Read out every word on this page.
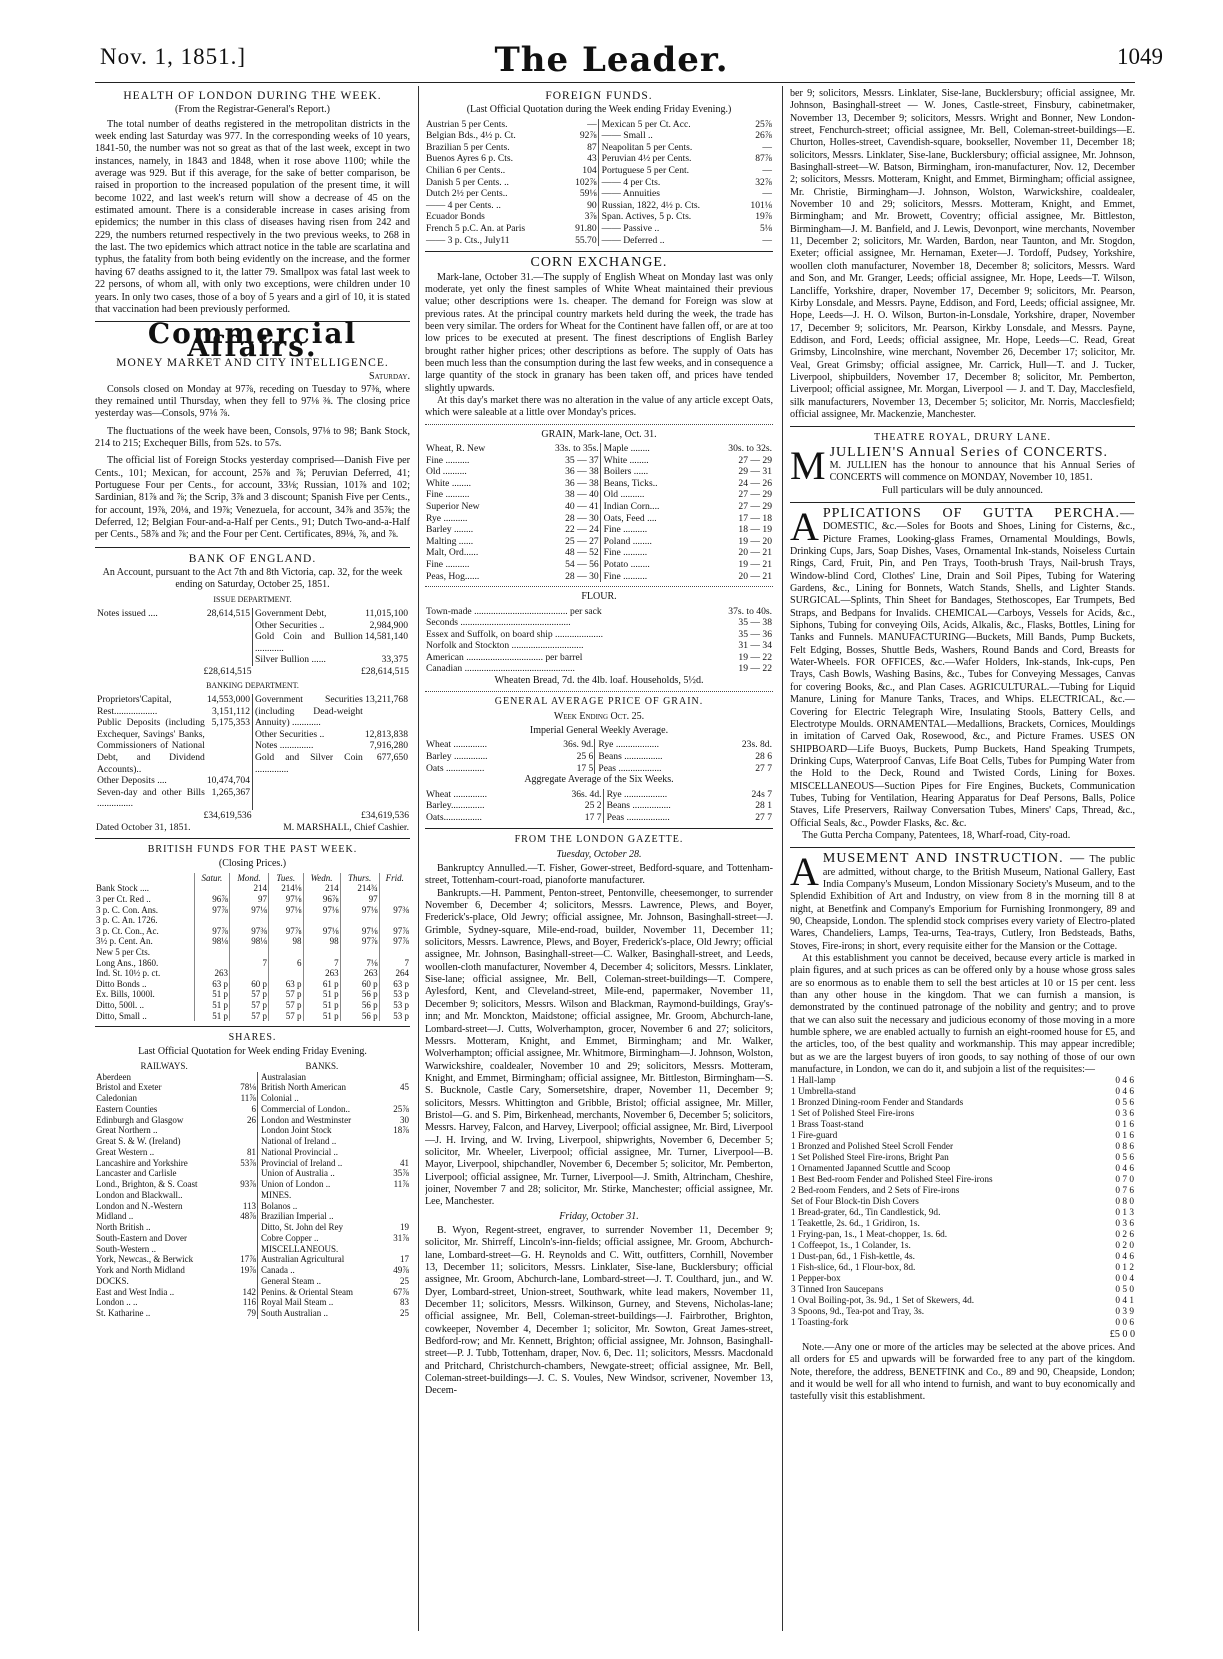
Nov. 1, 1851.]	The Leader.	1049
HEALTH OF LONDON DURING THE WEEK.
(From the Registrar-General's Report.)

The total number of deaths registered in the metropolitan districts in the week ending last Saturday was 977. In the corresponding weeks of 10 years, 1841-50, the number was not so great as that of the last week, except in two instances, namely, in 1843 and 1848, when it rose above 1100; while the average was 929. But if this average, for the sake of better comparison, be raised in proportion to the increased population of the present time, it will become 1022, and last week's return will show a decrease of 45 on the estimated amount. There is a considerable increase in cases arising from epidemics; the number in this class of diseases having risen from 242 and 229, the numbers returned respectively in the two previous weeks, to 268 in the last. The two epidemics which attract notice in the table are scarlatina and typhus, the fatality from both being evidently on the increase, and the former having 67 deaths assigned to it, the latter 79. Smallpox was fatal last week to 22 persons, of whom all, with only two exceptions, were children under 10 years. In only two cases, those of a boy of 5 years and a girl of 10, it is stated that vaccination had been previously performed.

Commercial Affairs.
MONEY MARKET AND CITY INTELLIGENCE.
Saturday.

Consols closed on Monday at 97⅞, receding on Tuesday to 97⅜, where they remained until Thursday, when they fell to 97⅛ ⅜. The closing price yesterday was—Consols, 97⅛ ⅞.

The fluctuations of the week have been, Consols, 97⅛ to 98; Bank Stock, 214 to 215; Exchequer Bills, from 52s. to 57s.

The official list of Foreign Stocks yesterday comprised—Danish Five per Cents., 101; Mexican, for account, 25⅞ and ⅞; Peruvian Deferred, 41; Portuguese Four per Cents., for account, 33⅛; Russian, 101⅞ and 102; Sardinian, 81⅞ and ⅞; the Scrip, 3⅞ and 3 discount; Spanish Five per Cents., for account, 19⅞, 20⅛, and 19⅞; Venezuela, for account, 34⅞ and 35⅞; the Deferred, 12; Belgian Four-and-a-Half per Cents., 91; Dutch Two-and-a-Half per Cents., 58⅞ and ⅞; and the Four per Cent. Certificates, 89⅛, ⅞, and ⅞.

BANK OF ENGLAND.
An Account, pursuant to the Act 7th and 8th Victoria, cap. 32, for the week ending on Saturday, October 25, 1851.
ISSUE DEPARTMENT.
Notes issued ....	28,614,515
	Government Debt,	11,015,100
Other Securities ..	2,984,900
Gold Coin and Bullion ............	14,581,140
Silver Bullion ......	33,375

£28,614,515	£28,614,515
BANKING DEPARTMENT.
Proprietors'Capital,	14,553,000
Rest..................	3,151,112
Public Deposits (including Exchequer, Savings' Banks, Commissioners of National Debt, and Dividend Accounts)..	5,175,353
Other Deposits ....	10,474,704
Seven-day and other Bills ...............	1,265,367

Government Securities (including Dead-weight Annuity) ............	13,211,768
Other Securities ..	12,813,838
Notes ..............	7,916,280
Gold and Silver Coin ..............	677,650

£34,619,536	£34,619,536
Dated October 31, 1851.	M. MARSHALL, Chief Cashier.
BRITISH FUNDS FOR THE PAST WEEK.
(Closing Prices.)
	Satur.	Mond.	Tues.	Wedn.	Thurs.	Frid.
Bank Stock ....		214	214⅛	214	214¾	
3 per Ct. Red ..	96⅞	97	97⅛	96⅞	97	
3 p. C. Con. Ans.	97⅞	97⅛	97⅛	97⅛	97⅛	97⅜
3 p. C. An. 1726.						
3 p. Ct. Con., Ac.	97⅞	97⅜	97⅞	97⅛	97⅛	97⅞
3½ p. Cent. An.	98⅛	98⅛	98	98	97⅞	97⅞
New 5 per Cts.						
Long Ans., 1860.		7	6	7	7⅛	7
Ind. St. 10½ p. ct.	263			263	263	264
Ditto Bonds ..	63 p	60 p	63 p	61 p	60 p	63 p
Ex. Bills, 1000l.	51 p	57 p	57 p	51 p	56 p	53 p
Ditto, 500l. ..	51 p	57 p	57 p	51 p	56 p	53 p
Ditto, Small ..	51 p	57 p	57 p	51 p	56 p	53 p
SHARES.
Last Official Quotation for Week ending Friday Evening.
RAILWAYS.		BANKS.	
Aberdeen		Australasian	
Bristol and Exeter	78⅛	British North American	45
Caledonian	11⅞	Colonial ..	
Eastern Counties	6	Commercial of London..	25⅞
Edinburgh and Glasgow	26	London and Westminster	30
Great Northern ..		London Joint Stock	18⅞
Great S. & W. (Ireland)		National of Ireland ..	
Great Western ..	81	National Provincial ..	
Lancashire and Yorkshire	53⅞	Provincial of Ireland ..	41
Lancaster and Carlisle		Union of Australia ..	35⅞
Lond., Brighton, & S. Coast	93⅞	Union of London ..	11⅞
London and Blackwall..		MINES.	
London and N.-Western	113	Bolanos ..	
Midland ..	48⅞	Brazilian Imperial ..	
North British ..		Ditto, St. John del Rey	19
South-Eastern and Dover		Cobre Copper ..	31⅞
South-Western ..		MISCELLANEOUS.	
York, Newcas., & Berwick	17⅞	Australian Agricultural	17
York and North Midland	19⅞	Canada ..	49⅞
DOCKS.		General Steam ..	25
East and West India ..	142	Penins. & Oriental Steam	67⅞
London .. ..	116	Royal Mail Steam ..	83
St. Katharine ..	79	South Australian ..	25
FOREIGN FUNDS.
(Last Official Quotation during the Week ending Friday Evening.)
Austrian 5 per Cents.	—	Mexican 5 per Ct. Acc.	25⅞
Belgian Bds., 4½ p. Ct.	92⅞	—— Small ..	26⅞
Brazilian 5 per Cents.	87	Neapolitan 5 per Cents.	—
Buenos Ayres 6 p. Cts.	43	Peruvian 4½ per Cents.	87⅞
Chilian 6 per Cents..	104	Portuguese 5 per Cent.	—
Danish 5 per Cents. ..	102⅞	—— 4 per Cts.	32⅞
Dutch 2½ per Cents..	59⅛	—— Annuities	—
—— 4 per Cents. ..	90	Russian, 1822, 4½ p. Cts.	101⅛
Ecuador Bonds	3⅞	Span. Actives, 5 p. Cts.	19⅞
French 5 p.C. An. at Paris	91.80	—— Passive ..	5⅛
—— 3 p. Cts., July11	55.70	—— Deferred ..	—
CORN EXCHANGE.

Mark-lane, October 31.—The supply of English Wheat on Monday last was only moderate, yet only the finest samples of White Wheat maintained their previous value; other descriptions were 1s. cheaper. The demand for Foreign was slow at previous rates. At the principal country markets held during the week, the trade has been very similar. The orders for Wheat for the Continent have fallen off, or are at too low prices to be executed at present. The finest descriptions of English Barley brought rather higher prices; other descriptions as before. The supply of Oats has been much less than the consumption during the last few weeks, and in consequence a large quantity of the stock in granary has been taken off, and prices have tended slightly upwards.

At this day's market there was no alteration in the value of any article except Oats, which were saleable at a little over Monday's prices.

GRAIN, Mark-lane, Oct. 31.
Wheat, R. New	33s. to 35s.	Maple ........	30s. to 32s.
Fine ..........	35 — 37	White ........	27 — 29
Old ..........	36 — 38	Boilers ......	29 — 31
White ........	36 — 38	Beans, Ticks..	24 — 26
Fine ..........	38 — 40	Old ..........	27 — 29
Superior New	40 — 41	Indian Corn....	27 — 29
Rye ..........	28 — 30	Oats, Feed ....	17 — 18
Barley ........	22 — 24	Fine ..........	18 — 19
Malting ......	25 — 27	Poland ........	19 — 20
Malt, Ord......	48 — 52	Fine ..........	20 — 21
Fine ..........	54 — 56	Potato ........	19 — 21
Peas, Hog......	28 — 30	Fine ..........	20 — 21
FLOUR.
Town-made ....................................... per sack	37s. to 40s.
Seconds ..............................................	35 — 38
Essex and Suffolk, on board ship ....................	35 — 36
Norfolk and Stockton ..............................	31 — 34
American ................................ per barrel	19 — 22
Canadian ..............................................	19 — 22
Wheaten Bread, 7d. the 4lb. loaf. Households, 5½d.
GENERAL AVERAGE PRICE OF GRAIN.
Week Ending Oct. 25.
Imperial General Weekly Average.
Wheat ..............	36s. 9d.	Rye ..................	23s. 8d.
Barley ..............	25 6	Beans ................	28 6
Oats ................	17 5	Peas ..................	27 7
Aggregate Average of the Six Weeks.
Wheat ..............	36s. 4d.	Rye ..................	24s 7
Barley..............	25 2	Beans ................	28 1
Oats................	17 7	Peas ..................	27 7
FROM THE LONDON GAZETTE.
Tuesday, October 28.

Bankruptcy Annulled.—T. Fisher, Gower-street, Bedford-square, and Tottenham-street, Tottenham-court-road, pianoforte manufacturer.

Bankrupts.—H. Pamment, Penton-street, Pentonville, cheesemonger, to surrender November 6, December 4; solicitors, Messrs. Lawrence, Plews, and Boyer, Frederick's-place, Old Jewry; official assignee, Mr. Johnson, Basinghall-street—J. Grimble, Sydney-square, Mile-end-road, builder, November 11, December 11; solicitors, Messrs. Lawrence, Plews, and Boyer, Frederick's-place, Old Jewry; official assignee, Mr. Johnson, Basinghall-street—C. Walker, Basinghall-street, and Leeds, woollen-cloth manufacturer, November 4, December 4; solicitors, Messrs. Linklater, Sise-lane; official assignee, Mr. Bell, Coleman-street-buildings—T. Compere, Aylesford, Kent, and Cleveland-street, Mile-end, papermaker, November 11, December 9; solicitors, Messrs. Wilson and Blackman, Raymond-buildings, Gray's-inn; and Mr. Monckton, Maidstone; official assignee, Mr. Groom, Abchurch-lane, Lombard-street—J. Cutts, Wolverhampton, grocer, November 6 and 27; solicitors, Messrs. Motteram, Knight, and Emmet, Birmingham; and Mr. Walker, Wolverhampton; official assignee, Mr. Whitmore, Birmingham—J. Johnson, Wolston, Warwickshire, coaldealer, November 10 and 29; solicitors, Messrs. Motteram, Knight, and Emmet, Birmingham; official assignee, Mr. Bittleston, Birmingham—S. S. Bucknole, Castle Cary, Somersetshire, draper, November 11, December 9; solicitors, Messrs. Whittington and Gribble, Bristol; official assignee, Mr. Miller, Bristol—G. and S. Pim, Birkenhead, merchants, November 6, December 5; solicitors, Messrs. Harvey, Falcon, and Harvey, Liverpool; official assignee, Mr. Bird, Liverpool—J. H. Irving, and W. Irving, Liverpool, shipwrights, November 6, December 5; solicitor, Mr. Wheeler, Liverpool; official assignee, Mr. Turner, Liverpool—B. Mayor, Liverpool, shipchandler, November 6, December 5; solicitor, Mr. Pemberton, Liverpool; official assignee, Mr. Turner, Liverpool—J. Smith, Altrincham, Cheshire, joiner, November 7 and 28; solicitor, Mr. Stirke, Manchester; official assignee, Mr. Lee, Manchester.

Friday, October 31.

B. Wyon, Regent-street, engraver, to surrender November 11, December 9; solicitor, Mr. Shirreff, Lincoln's-inn-fields; official assignee, Mr. Groom, Abchurch-lane, Lombard-street—G. H. Reynolds and C. Witt, outfitters, Cornhill, November 13, December 11; solicitors, Messrs. Linklater, Sise-lane, Bucklersbury; official assignee, Mr. Groom, Abchurch-lane, Lombard-street—J. T. Coulthard, jun., and W. Dyer, Lombard-street, Union-street, Southwark, white lead makers, November 11, December 11; solicitors, Messrs. Wilkinson, Gurney, and Stevens, Nicholas-lane; official assignee, Mr. Bell, Coleman-street-buildings—J. Fairbrother, Brighton, cowkeeper, November 4, December 1; solicitor, Mr. Sowton, Great James-street, Bedford-row; and Mr. Kennett, Brighton; official assignee, Mr. Johnson, Basinghall-street—P. J. Tubb, Tottenham, draper, Nov. 6, Dec. 11; solicitors, Messrs. Macdonald and Pritchard, Christchurch-chambers, Newgate-street; official assignee, Mr. Bell, Coleman-street-buildings—J. C. S. Voules, New Windsor, scrivener, November 13, Decem-

ber 9; solicitors, Messrs. Linklater, Sise-lane, Bucklersbury; official assignee, Mr. Johnson, Basinghall-street — W. Jones, Castle-street, Finsbury, cabinetmaker, November 13, December 9; solicitors, Messrs. Wright and Bonner, New London-street, Fenchurch-street; official assignee, Mr. Bell, Coleman-street-buildings—E. Churton, Holles-street, Cavendish-square, bookseller, November 11, December 18; solicitors, Messrs. Linklater, Sise-lane, Bucklersbury; official assignee, Mr. Johnson, Basinghall-street—W. Batson, Birmingham, iron-manufacturer, Nov. 12, December 2; solicitors, Messrs. Motteram, Knight, and Emmet, Birmingham; official assignee, Mr. Christie, Birmingham—J. Johnson, Wolston, Warwickshire, coaldealer, November 10 and 29; solicitors, Messrs. Motteram, Knight, and Emmet, Birmingham; and Mr. Browett, Coventry; official assignee, Mr. Bittleston, Birmingham—J. M. Banfield, and J. Lewis, Devonport, wine merchants, November 11, December 2; solicitors, Mr. Warden, Bardon, near Taunton, and Mr. Stogdon, Exeter; official assignee, Mr. Hernaman, Exeter—J. Tordoff, Pudsey, Yorkshire, woollen cloth manufacturer, November 18, December 8; solicitors, Messrs. Ward and Son, and Mr. Granger, Leeds; official assignee, Mr. Hope, Leeds—T. Wilson, Lancliffe, Yorkshire, draper, November 17, December 9; solicitors, Mr. Pearson, Kirby Lonsdale, and Messrs. Payne, Eddison, and Ford, Leeds; official assignee, Mr. Hope, Leeds—J. H. O. Wilson, Burton-in-Lonsdale, Yorkshire, draper, November 17, December 9; solicitors, Mr. Pearson, Kirkby Lonsdale, and Messrs. Payne, Eddison, and Ford, Leeds; official assignee, Mr. Hope, Leeds—C. Read, Great Grimsby, Lincolnshire, wine merchant, November 26, December 17; solicitor, Mr. Veal, Great Grimsby; official assignee, Mr. Carrick, Hull—T. and J. Tucker, Liverpool, shipbuilders, November 17, December 8; solicitor, Mr. Pemberton, Liverpool; official assignee, Mr. Morgan, Liverpool — J. and T. Day, Macclesfield, silk manufacturers, November 13, December 5; solicitor, Mr. Norris, Macclesfield; official assignee, Mr. Mackenzie, Manchester.

THEATRE ROYAL, DRURY LANE.

M JULLIEN'S Annual Series of CONCERTS.
M. JULLIEN has the honour to announce that his Annual Series of CONCERTS will commence on MONDAY, November 10, 1851.

Full particulars will be duly announced.

A PPLICATIONS OF GUTTA PERCHA.— DOMESTIC, &c.—Soles for Boots and Shoes, Lining for Cisterns, &c., Picture Frames, Looking-glass Frames, Ornamental Mouldings, Bowls, Drinking Cups, Jars, Soap Dishes, Vases, Ornamental Ink-stands, Noiseless Curtain Rings, Card, Fruit, Pin, and Pen Trays, Tooth-brush Trays, Nail-brush Trays, Window-blind Cord, Clothes' Line, Drain and Soil Pipes, Tubing for Watering Gardens, &c., Lining for Bonnets, Watch Stands, Shells, and Lighter Stands. SURGICAL—Splints, Thin Sheet for Bandages, Stethoscopes, Ear Trumpets, Bed Straps, and Bedpans for Invalids. CHEMICAL—Carboys, Vessels for Acids, &c., Siphons, Tubing for conveying Oils, Acids, Alkalis, &c., Flasks, Bottles, Lining for Tanks and Funnels. MANUFACTURING—Buckets, Mill Bands, Pump Buckets, Felt Edging, Bosses, Shuttle Beds, Washers, Round Bands and Cord, Breasts for Water-Wheels. FOR OFFICES, &c.—Wafer Holders, Ink-stands, Ink-cups, Pen Trays, Cash Bowls, Washing Basins, &c., Tubes for Conveying Messages, Canvas for covering Books, &c., and Plan Cases. AGRICULTURAL.—Tubing for Liquid Manure, Lining for Manure Tanks, Traces, and Whips. ELECTRICAL, &c.—Covering for Electric Telegraph Wire, Insulating Stools, Battery Cells, and Electrotype Moulds. ORNAMENTAL—Medallions, Brackets, Cornices, Mouldings in imitation of Carved Oak, Rosewood, &c., and Picture Frames. USES ON SHIPBOARD—Life Buoys, Buckets, Pump Buckets, Hand Speaking Trumpets, Drinking Cups, Waterproof Canvas, Life Boat Cells, Tubes for Pumping Water from the Hold to the Deck, Round and Twisted Cords, Lining for Boxes. MISCELLANEOUS—Suction Pipes for Fire Engines, Buckets, Communication Tubes, Tubing for Ventilation, Hearing Apparatus for Deaf Persons, Balls, Police Staves, Life Preservers, Railway Conversation Tubes, Miners' Caps, Thread, &c., Official Seals, &c., Powder Flasks, &c. &c.

The Gutta Percha Company, Patentees, 18, Wharf-road, City-road.

A MUSEMENT AND INSTRUCTION. — The public are admitted, without charge, to the British Museum, National Gallery, East India Company's Museum, London Missionary Society's Museum, and to the Splendid Exhibition of Art and Industry, on view from 8 in the morning till 8 at night, at Benetfink and Company's Emporium for Furnishing Ironmongery, 89 and 90, Cheapside, London. The splendid stock comprises every variety of Electro-plated Wares, Chandeliers, Lamps, Tea-urns, Tea-trays, Cutlery, Iron Bedsteads, Baths, Stoves, Fire-irons; in short, every requisite either for the Mansion or the Cottage.

At this establishment you cannot be deceived, because every article is marked in plain figures, and at such prices as can be offered only by a house whose gross sales are so enormous as to enable them to sell the best articles at 10 or 15 per cent. less than any other house in the kingdom. That we can furnish a mansion, is demonstrated by the continued patronage of the nobility and gentry; and to prove that we can also suit the necessary and judicious economy of those moving in a more humble sphere, we are enabled actually to furnish an eight-roomed house for £5, and the articles, too, of the best quality and workmanship. This may appear incredible; but as we are the largest buyers of iron goods, to say nothing of those of our own manufacture, in London, we can do it, and subjoin a list of the requisites:—

1 Hall-lamp	0 4 6
1 Umbrella-stand	0 4 6
1 Bronzed Dining-room Fender and Standards	0 5 6
1 Set of Polished Steel Fire-irons	0 3 6
1 Brass Toast-stand	0 1 6
1 Fire-guard	0 1 6
1 Bronzed and Polished Steel Scroll Fender	0 8 6
1 Set Polished Steel Fire-irons, Bright Pan	0 5 6
1 Ornamented Japanned Scuttle and Scoop	0 4 6
1 Best Bed-room Fender and Polished Steel Fire-irons	0 7 0
2 Bed-room Fenders, and 2 Sets of Fire-irons	0 7 6
Set of Four Block-tin Dish Covers	0 8 0
1 Bread-grater, 6d., Tin Candlestick, 9d.	0 1 3
1 Teakettle, 2s. 6d., 1 Gridiron, 1s.	0 3 6
1 Frying-pan, 1s., 1 Meat-chopper, 1s. 6d.	0 2 6
1 Coffeepot, 1s., 1 Colander, 1s.	0 2 0
1 Dust-pan, 6d., 1 Fish-kettle, 4s.	0 4 6
1 Fish-slice, 6d., 1 Flour-box, 8d.	0 1 2
1 Pepper-box	0 0 4
3 Tinned Iron Saucepans	0 5 0
1 Oval Boiling-pot, 3s. 9d., 1 Set of Skewers, 4d.	0 4 1
3 Spoons, 9d., Tea-pot and Tray, 3s.	0 3 9
1 Toasting-fork	0 0 6
£5 0 0

Note.—Any one or more of the articles may be selected at the above prices. And all orders for £5 and upwards will be forwarded free to any part of the kingdom. Note, therefore, the address, BENETFINK and Co., 89 and 90, Cheapside, London; and it would be well for all who intend to furnish, and want to buy economically and tastefully visit this establishment.
